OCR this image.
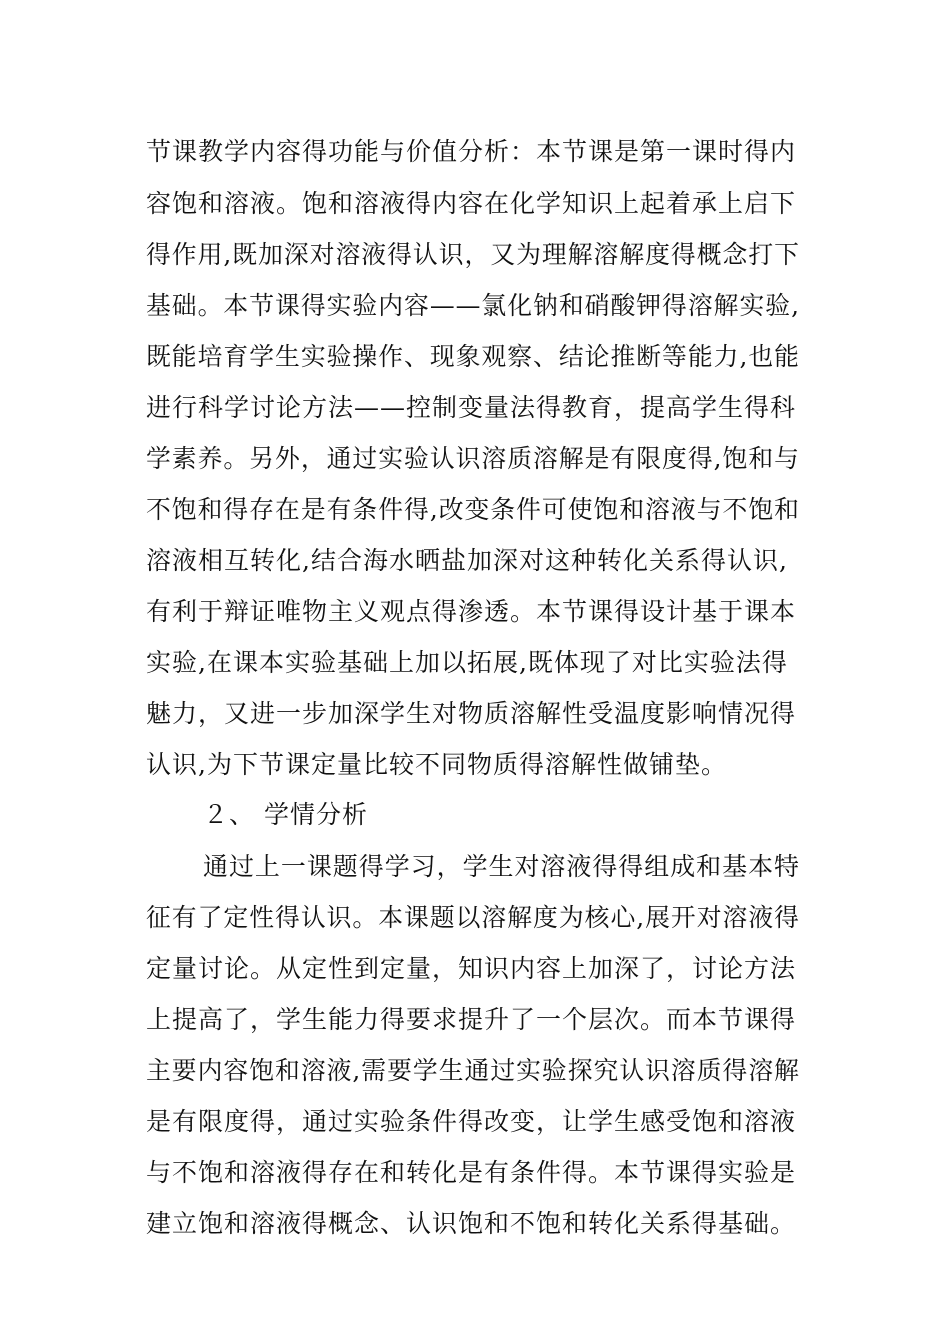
节课教学内容得功能与价值分析：本节课是第一课时得内
容饱和溶液。饱和溶液得内容在化学知识上起着承上启下
得作用,既加深对溶液得认识，又为理解溶解度得概念打下
基础。本节课得实验内容——氯化钠和硝酸钾得溶解实验,
既能培育学生实验操作、现象观察、结论推断等能力,也能
进行科学讨论方法——控制变量法得教育，提高学生得科
学素养。另外，通过实验认识溶质溶解是有限度得,饱和与
不饱和得存在是有条件得,改变条件可使饱和溶液与不饱和
溶液相互转化,结合海水晒盐加深对这种转化关系得认识,
有利于辩证唯物主义观点得渗透。本节课得设计基于课本
实验,在课本实验基础上加以拓展,既体现了对比实验法得
魅力，又进一步加深学生对物质溶解性受温度影响情况得
认识,为下节课定量比较不同物质得溶解性做铺垫。
２、 学情分析
通过上一课题得学习，学生对溶液得得组成和基本特
征有了定性得认识。本课题以溶解度为核心,展开对溶液得
定量讨论。从定性到定量，知识内容上加深了，讨论方法
上提高了，学生能力得要求提升了一个层次。而本节课得
主要内容饱和溶液,需要学生通过实验探究认识溶质得溶解
是有限度得，通过实验条件得改变，让学生感受饱和溶液
与不饱和溶液得存在和转化是有条件得。本节课得实验是
建立饱和溶液得概念、认识饱和不饱和转化关系得基础。
